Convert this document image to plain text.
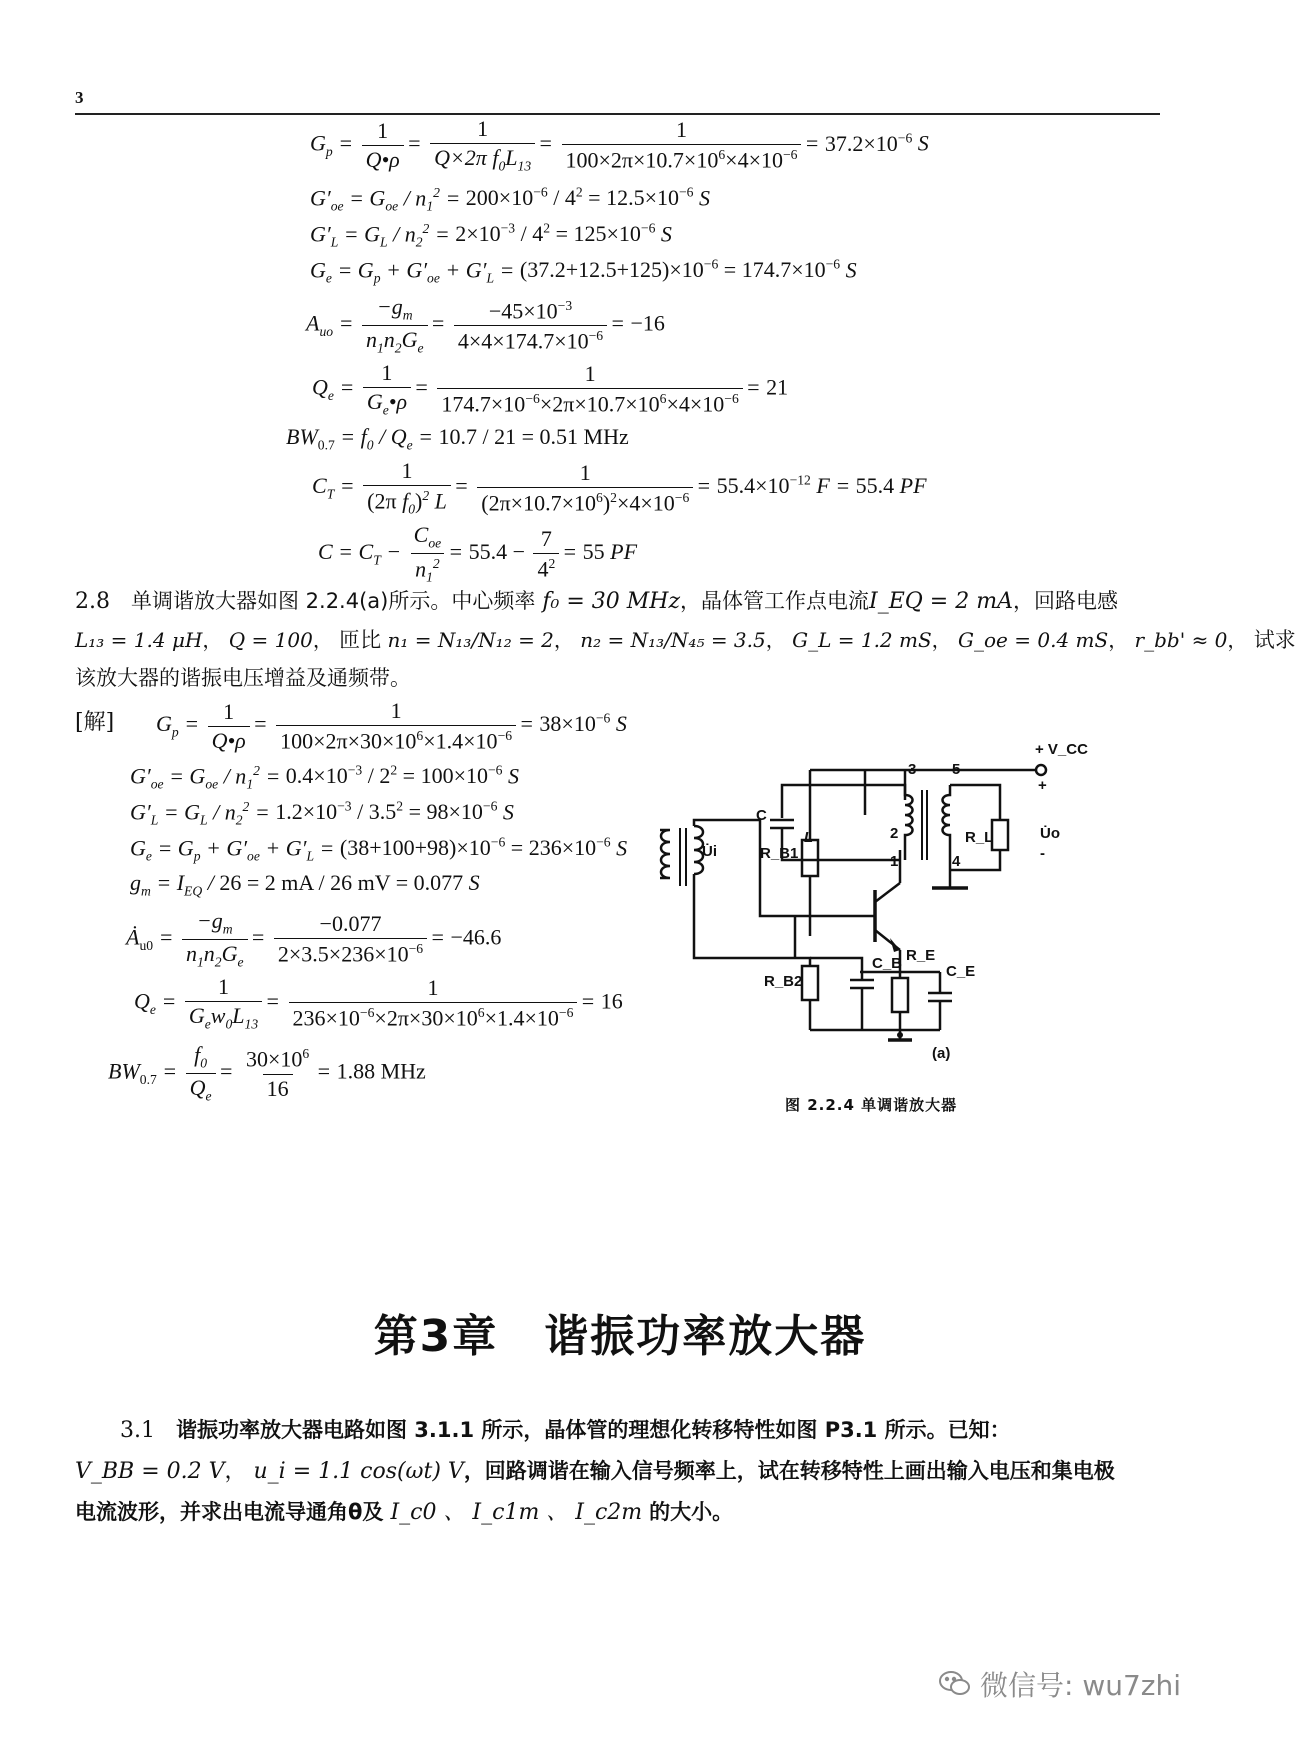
3
$G_p = \frac{1}{Q•\rho} = \frac{1}{Q\times 2\pi f_0L_{13}} = \frac{1}{100\times 2\pi\times 10.7\times 10^6\times 4\times 10^{-6}} = 37.2\times 10^{-6}$ S
$G'_{oe} = G_{oe} / n_1^2 = 200\times 10^{-6} / 4^2 = 12.5\times 10^{-6}$ S
$G'_L = G_L / n_2^2 = 2\times 10^{-3} / 4^2 = 125\times 10^{-6}$ S
$G_e = G_p + G'_{oe} + G'_L = (37.2+12.5+125)\times 10^{-6} = 174.7\times 10^{-6}$ S
$A_{uo} = \frac{-g_m}{n_1n_2G_e} = \frac{-45\times 10^{-3}}{4\times 4\times 174.7\times 10^{-6}} = -16$
$Q_e = \frac{1}{G_e•\rho} = \frac{1}{174.7\times 10^{-6}\times 2\pi\times 10.7\times 10^6\times 4\times 10^{-6}} = 21$
$BW_{0.7} = f_0 / Q_e = 10.7 / 21 = 0.51$ MHz
$C_T = \frac{1}{(2\pi f_0)^2 L} = \frac{1}{(2\pi\times 10.7\times 10^6)^2\times 4\times 10^{-6}} = 55.4\times 10^{-12}$ F = 55.4 PF
$C = C_T - \frac{C_{oe}}{n_1^2} = 55.4 - \frac{7}{4^2} = 55$ PF
2.8 单调谐放大器如图 2.2.4(a)所示。中心频率 f₀ = 30 MHz，晶体管工作点电流I_EQ = 2 mA，回路电感
L₁₃ = 1.4 μH， Q = 100， 匝比 n₁ = N₁₃/N₁₂ = 2， n₂ = N₁₃/N₄₅ = 3.5， G_L = 1.2 mS， G_oe = 0.4 mS， r_bb' ≈ 0， 试求
该放大器的谐振电压增益及通频带。
[解] $G_p = \frac{1}{Q•\rho} = \frac{1}{100\times 2\pi\times 30\times 10^6\times 1.4\times 10^{-6}} = 38\times 10^{-6}$ S
$G'_{oe} = G_{oe} / n_1^2 = 0.4\times 10^{-3} / 2^2 = 100\times 10^{-6}$ S
$G'_L = G_L / n_2^2 = 1.2\times 10^{-3} / 3.5^2 = 98\times 10^{-6}$ S
$G_e = G_p + G'_{oe} + G'_L = (38+100+98)\times 10^{-6} = 236\times 10^{-6}$ S
$g_m = I_{EQ} / 26 = 2$ mA / 26 mV = 0.077 S
$Ȧ_{u0} = \frac{-g_m}{n_1n_2G_e} = \frac{-0.077}{2\times 3.5\times 236\times 10^{-6}} = -46.6$
$Q_e = \frac{1}{G_ew_0L_{13}} = \frac{1}{236\times 10^{-6}\times 2\pi\times 30\times 10^6\times 1.4\times 10^{-6}} = 16$
$BW_{0.7} = \frac{f_0}{Q_e} = \frac{30\times 10^6}{16} = 1.88$ MHz
+ V_CC
R_B1
C
L
3
2
1
5
4
R_L	U̇o
U̇i
R_B2
C_B R_E
C_E
+
-
(a)
图 2.2.4 单调谐放大器
第3章　谐振功率放大器
3.1 谐振功率放大器电路如图 3.1.1 所示，晶体管的理想化转移特性如图 P3.1 所示。已知：
V_BB = 0.2 V， u_i = 1.1 cos(ωt) V，回路调谐在输入信号频率上，试在转移特性上画出输入电压和集电极
电流波形，并求出电流导通角θ及 I_c0 、 I_c1m 、 I_c2m 的大小。
微信号: wu7zhi
